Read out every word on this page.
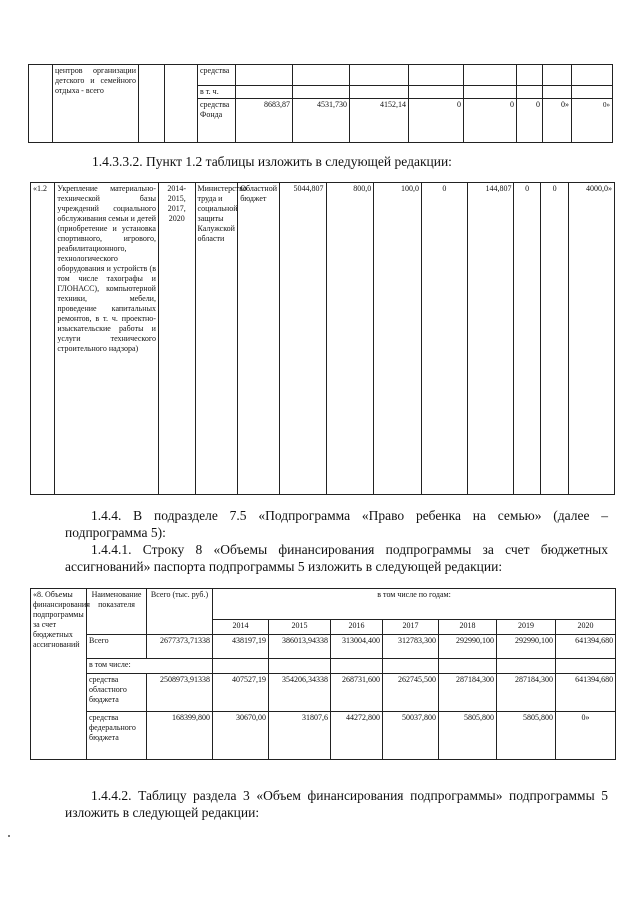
	центров организации детского и семейного отдыха - всего			средства								
				в т. ч.								
				средства Фонда	8683,87	4531,730	4152,14	0	0	0	0»	0»
1.4.3.3.2. Пункт 1.2 таблицы изложить в следующей редакции:
«1.2	Укрепление материально-технической базы учреждений социального обслуживания семьи и детей (приобретение и установка спортивного, игрового, реабилитационного, технологического оборудования и устройств (в том числе тахографы и ГЛОНАСС), компьютерной техники, мебели, проведение капитальных ремонтов, в т. ч. проектно-изыскательские работы и услуги технического строительного надзора)	2014-2015, 2017, 2020	Министерство труда и социальной защиты Калужской области	Областной бюджет	5044,807	800,0	100,0	0	144,807	0	0	4000,0»
1.4.4. В подразделе 7.5 «Подпрограмма «Право ребенка на семью» (далее – подпрограмма 5):
1.4.4.1. Строку 8 «Объемы финансирования подпрограммы за счет бюджетных ассигнований» паспорта подпрограммы 5 изложить в следующей редакции:
«8. Объемы финансирования подпрограммы за счет бюджетных ассигнований	Наименование показателя	Всего (тыс. руб.)	в том числе по годам:						
			2014	2015	2016	2017	2018	2019	2020
	Всего	2677373,71338	438197,19	386013,94338	313004,400	312783,300	292990,100	292990,100	641394,680
	в том числе:								
	средства областного бюджета	2508973,91338	407527,19	354206,34338	268731,600	262745,500	287184,300	287184,300	641394,680
	средства федерального бюджета	168399,800	30670,00	31807,6	44272,800	50037,800	5805,800	5805,800	0»
1.4.4.2. Таблицу раздела 3 «Объем финансирования подпрограммы» подпрограммы 5 изложить в следующей редакции:
